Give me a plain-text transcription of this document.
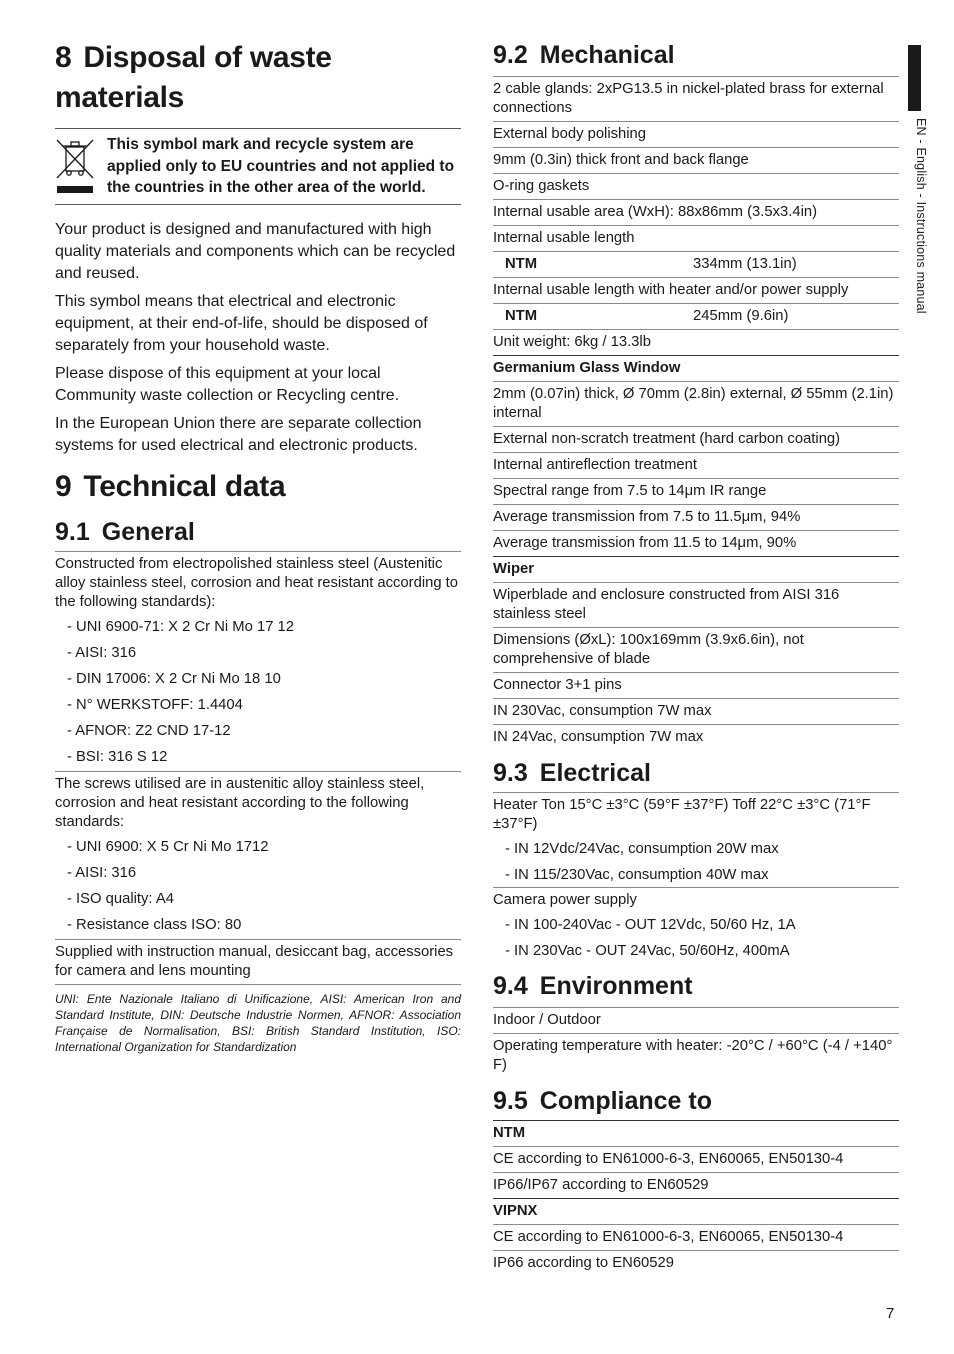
8 Disposal of waste materials
This symbol mark and recycle system are applied only to EU countries and not applied to the countries in the other area of the world.

Your product is designed and manufactured with high quality materials and components which can be recycled and reused.

This symbol means that electrical and electronic equipment, at their end-of-life, should be disposed of separately from your household waste.

Please dispose of this equipment at your local Community waste collection or Recycling centre.

In the European Union there are separate collection systems for used electrical and electronic products.

9 Technical data
9.1 General
Constructed from electropolished stainless steel (Austenitic alloy stainless steel, corrosion and heat resistant according to the following standards):
- UNI 6900-71: X 2 Cr Ni Mo 17 12
- AISI: 316
- DIN 17006: X 2 Cr Ni Mo 18 10
- N° WERKSTOFF: 1.4404
- AFNOR: Z2 CND 17-12
- BSI: 316 S 12
The screws utilised are in austenitic alloy stainless steel, corrosion and heat resistant according to the following standards:
- UNI 6900: X 5 Cr Ni Mo 1712
- AISI: 316
- ISO quality: A4
- Resistance class ISO: 80
Supplied with instruction manual, desiccant bag, accessories for camera and lens mounting
UNI: Ente Nazionale Italiano di Unificazione, AISI: American Iron and Standard Institute, DIN: Deutsche Industrie Normen, AFNOR: Association Française de Normalisation, BSI: British Standard Institution, ISO: International Organization for Standardization
9.2 Mechanical
2 cable glands: 2xPG13.5 in nickel-plated brass for external connections
External body polishing
9mm (0.3in) thick front and back flange
O-ring gaskets
Internal usable area (WxH): 88x86mm (3.5x3.4in)
Internal usable length
NTM	334mm (13.1in)
Internal usable length with heater and/or power supply
NTM	245mm (9.6in)
Unit weight: 6kg / 13.3lb
Germanium Glass Window
2mm (0.07in) thick, Ø 70mm (2.8in) external, Ø 55mm (2.1in) internal
External non-scratch treatment (hard carbon coating)
Internal antireflection treatment
Spectral range from 7.5 to 14μm IR range
Average transmission from 7.5 to 11.5μm, 94%
Average transmission from 11.5 to 14μm, 90%
Wiper
Wiperblade and enclosure constructed from AISI 316 stainless steel
Dimensions (ØxL): 100x169mm (3.9x6.6in), not comprehensive of blade
Connector 3+1 pins
IN 230Vac, consumption 7W max
IN 24Vac, consumption 7W max
9.3 Electrical
Heater Ton 15°C ±3°C (59°F ±37°F) Toff 22°C ±3°C (71°F ±37°F)
- IN 12Vdc/24Vac, consumption 20W max
- IN 115/230Vac, consumption 40W max
Camera power supply
- IN 100-240Vac - OUT 12Vdc, 50/60 Hz, 1A
- IN 230Vac - OUT 24Vac, 50/60Hz, 400mA
9.4 Environment
Indoor / Outdoor
Operating temperature with heater: -20°C / +60°C (-4 / +140° F)
9.5 Compliance to
NTM
CE according to EN61000-6-3, EN60065, EN50130-4
IP66/IP67 according to EN60529
VIPNX
CE according to EN61000-6-3, EN60065, EN50130-4
IP66 according to EN60529
EN - English - Instructions manual
7
